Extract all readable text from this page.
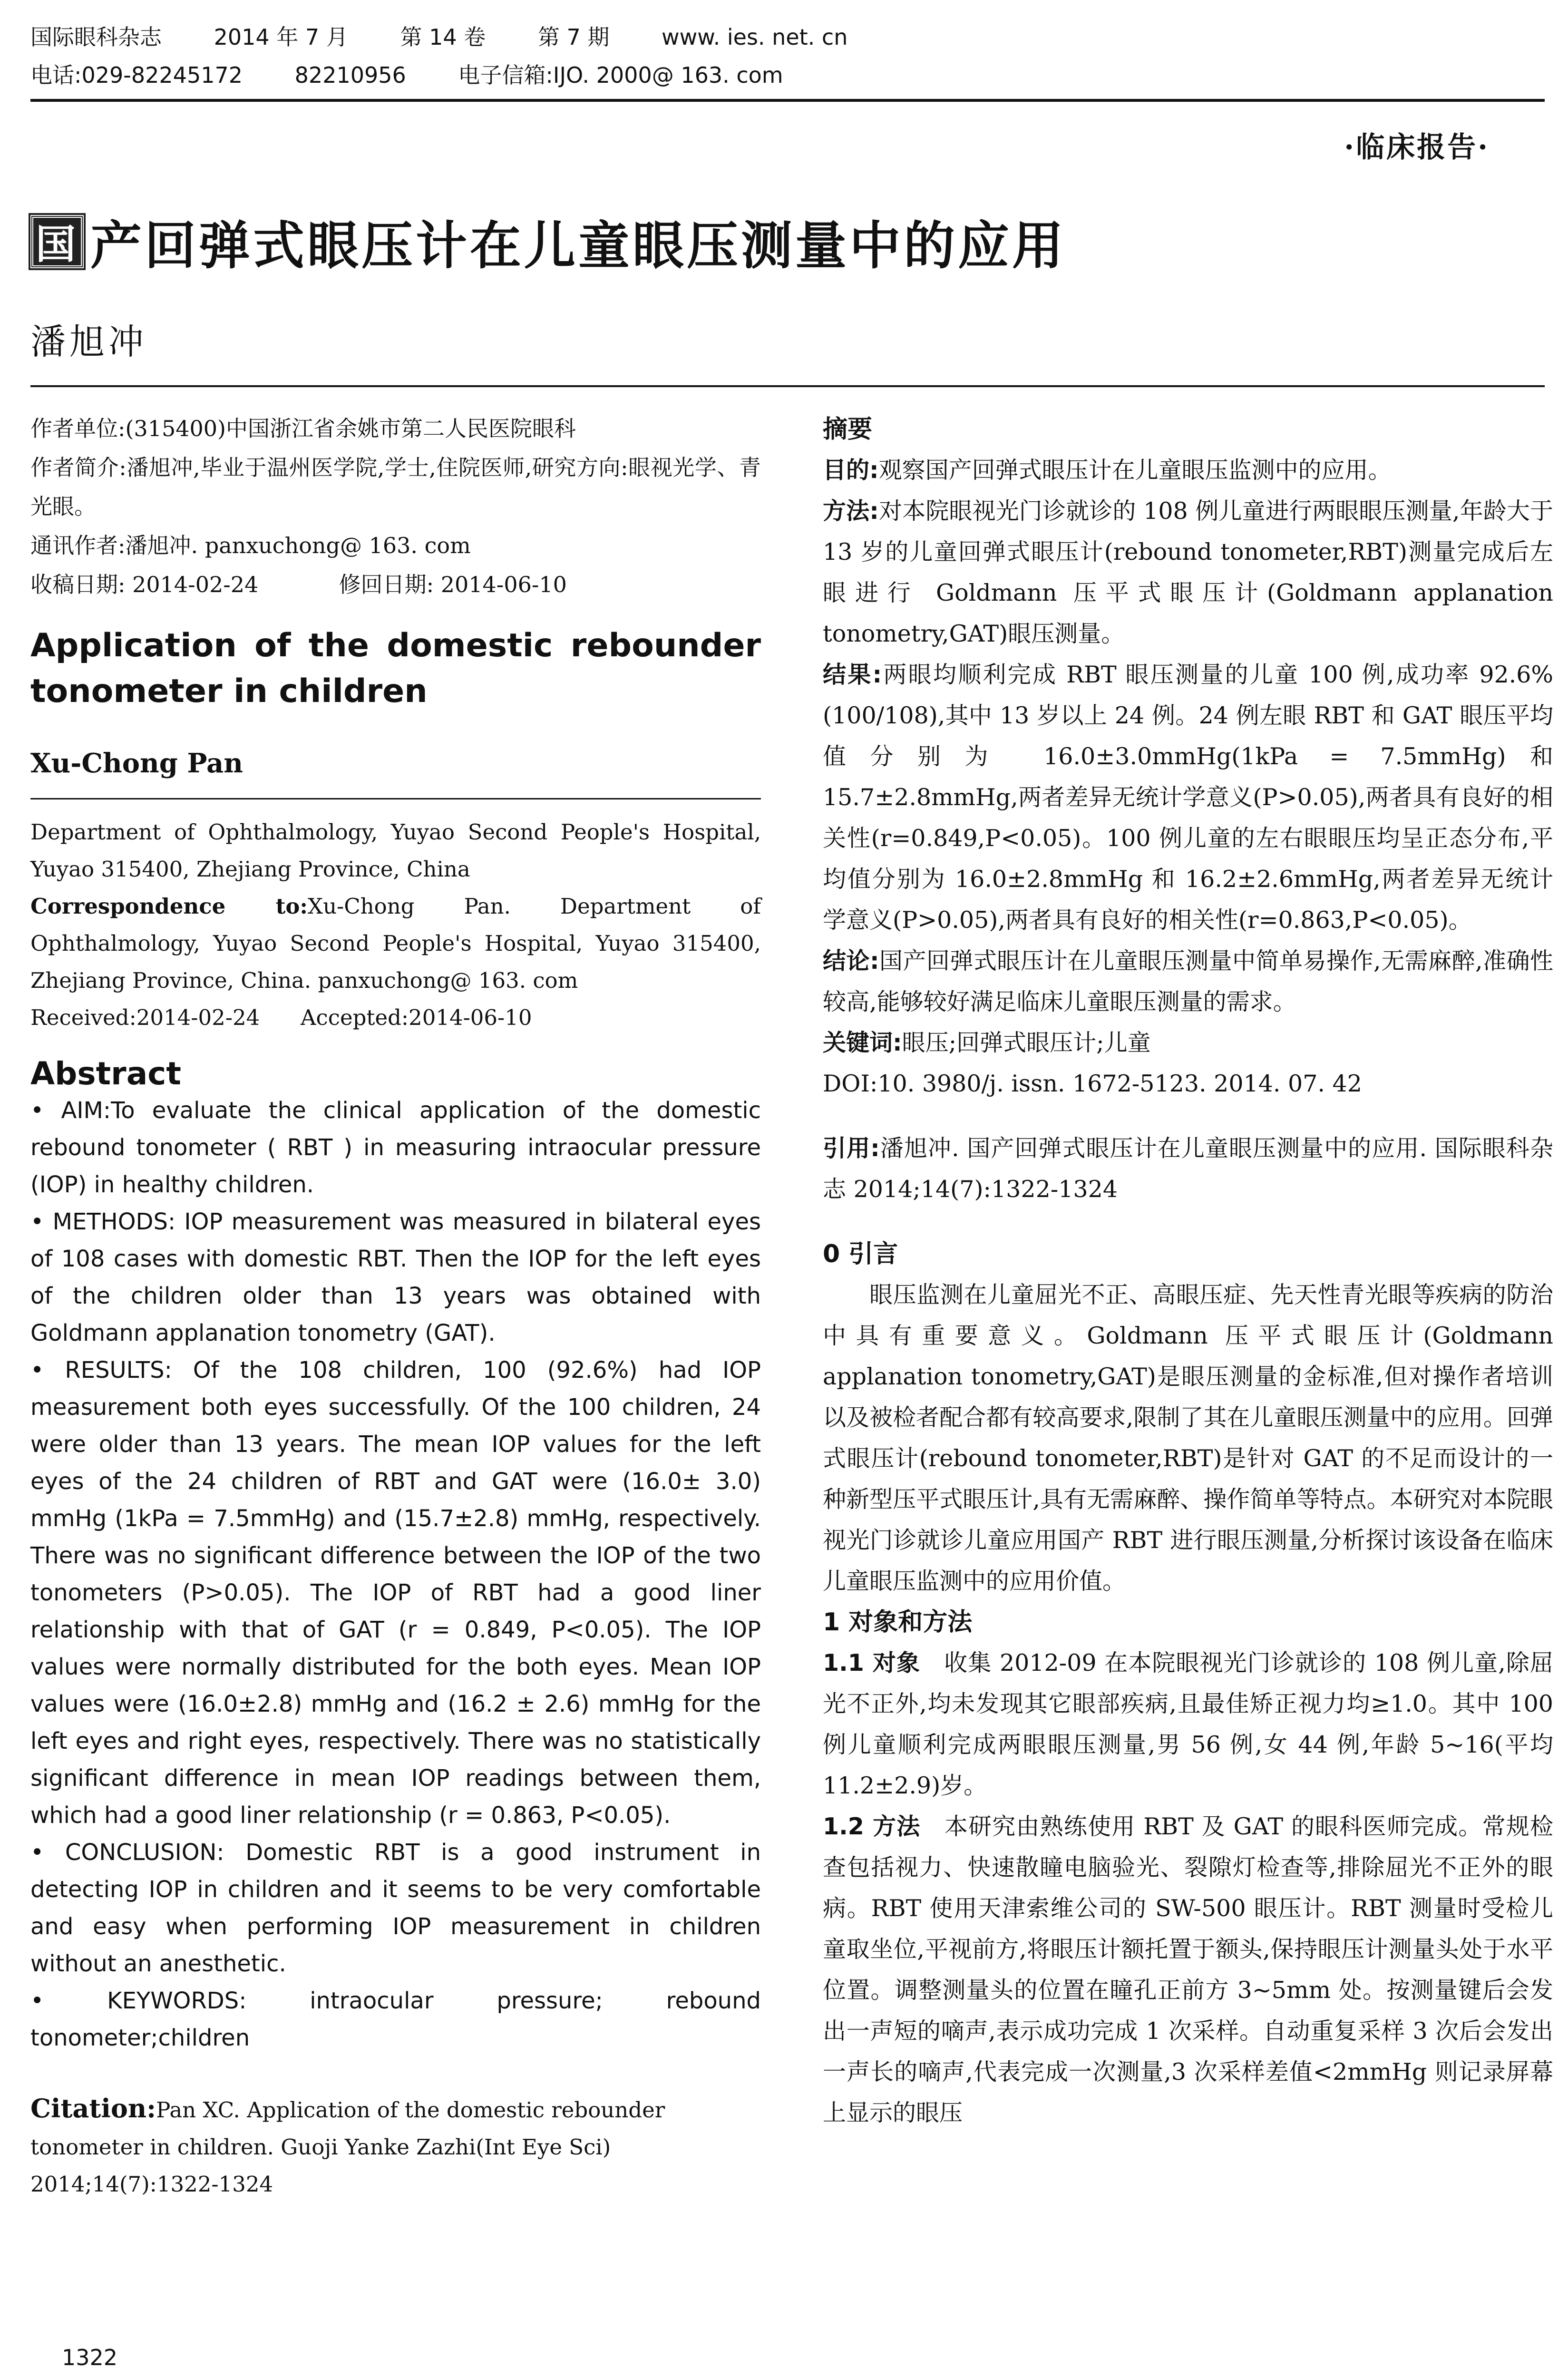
国际眼科杂志 2014 年 7 月 第 14 卷 第 7 期 www. ies. net. cn
电话:029-82245172 82210956 电子信箱:IJO. 2000@ 163. com
·临床报告·
国 产回弹式眼压计在儿童眼压测量中的应用
潘旭冲
作者单位:(315400)中国浙江省余姚市第二人民医院眼科
作者简介:潘旭冲,毕业于温州医学院,学士,住院医师,研究方向:眼视光学、青光眼。
通讯作者:潘旭冲. panxuchong@ 163. com
收稿日期: 2014-02-24	修回日期: 2014-06-10
Application of the domestic rebounder tonometer in children
Xu-Chong Pan
Department of Ophthalmology, Yuyao Second People's Hospital, Yuyao 315400, Zhejiang Province, China
Correspondence to:Xu-Chong Pan. Department of Ophthalmology, Yuyao Second People's Hospital, Yuyao 315400, Zhejiang Province, China. panxuchong@ 163. com
Received:2014-02-24      Accepted:2014-06-10
Abstract

• AIM:To evaluate the clinical application of the domestic rebound tonometer ( RBT ) in measuring intraocular pressure (IOP) in healthy children.

• METHODS: IOP measurement was measured in bilateral eyes of 108 cases with domestic RBT. Then the IOP for the left eyes of the children older than 13 years was obtained with Goldmann applanation tonometry (GAT).

• RESULTS: Of the 108 children, 100 (92.6%) had IOP measurement both eyes successfully. Of the 100 children, 24 were older than 13 years. The mean IOP values for the left eyes of the 24 children of RBT and GAT were (16.0± 3.0) mmHg (1kPa = 7.5mmHg) and (15.7±2.8) mmHg, respectively. There was no significant difference between the IOP of the two tonometers (P>0.05). The IOP of RBT had a good liner relationship with that of GAT (r = 0.849, P<0.05). The IOP values were normally distributed for the both eyes. Mean IOP values were (16.0±2.8) mmHg and (16.2 ± 2.6) mmHg for the left eyes and right eyes, respectively. There was no statistically significant difference in mean IOP readings between them, which had a good liner relationship (r = 0.863, P<0.05).

• CONCLUSION: Domestic RBT is a good instrument in detecting IOP in children and it seems to be very comfortable and easy when performing IOP measurement in children without an anesthetic.

• KEYWORDS: intraocular pressure; rebound tonometer;children

Citation:Pan XC. Application of the domestic rebounder tonometer in children. Guoji Yanke Zazhi(Int Eye Sci) 2014;14(7):1322-1324
摘要

目的:观察国产回弹式眼压计在儿童眼压监测中的应用。

方法:对本院眼视光门诊就诊的 108 例儿童进行两眼眼压测量,年龄大于 13 岁的儿童回弹式眼压计(rebound tonometer,RBT)测量完成后左眼进行 Goldmann 压平式眼压计(Goldmann applanation tonometry,GAT)眼压测量。

结果:两眼均顺利完成 RBT 眼压测量的儿童 100 例,成功率 92.6%(100/108),其中 13 岁以上 24 例。24 例左眼 RBT 和 GAT 眼压平均值分别为 16.0±3.0mmHg(1kPa = 7.5mmHg)和 15.7±2.8mmHg,两者差异无统计学意义(P>0.05),两者具有良好的相关性(r=0.849,P<0.05)。100 例儿童的左右眼眼压均呈正态分布,平均值分别为 16.0±2.8mmHg 和 16.2±2.6mmHg,两者差异无统计学意义(P>0.05),两者具有良好的相关性(r=0.863,P<0.05)。

结论:国产回弹式眼压计在儿童眼压测量中简单易操作,无需麻醉,准确性较高,能够较好满足临床儿童眼压测量的需求。

关键词:眼压;回弹式眼压计;儿童

DOI:10. 3980/j. issn. 1672-5123. 2014. 07. 42

引用:潘旭冲. 国产回弹式眼压计在儿童眼压测量中的应用. 国际眼科杂志 2014;14(7):1322-1324

0 引言

眼压监测在儿童屈光不正、高眼压症、先天性青光眼等疾病的防治中具有重要意义。Goldmann 压平式眼压计(Goldmann applanation tonometry,GAT)是眼压测量的金标准,但对操作者培训以及被检者配合都有较高要求,限制了其在儿童眼压测量中的应用。回弹式眼压计(rebound tonometer,RBT)是针对 GAT 的不足而设计的一种新型压平式眼压计,具有无需麻醉、操作简单等特点。本研究对本院眼视光门诊就诊儿童应用国产 RBT 进行眼压测量,分析探讨该设备在临床儿童眼压监测中的应用价值。

1 对象和方法

1.1 对象 收集 2012-09 在本院眼视光门诊就诊的 108 例儿童,除屈光不正外,均未发现其它眼部疾病,且最佳矫正视力均≥1.0。其中 100 例儿童顺利完成两眼眼压测量,男 56 例,女 44 例,年龄 5~16(平均 11.2±2.9)岁。

1.2 方法 本研究由熟练使用 RBT 及 GAT 的眼科医师完成。常规检查包括视力、快速散瞳电脑验光、裂隙灯检查等,排除屈光不正外的眼病。RBT 使用天津索维公司的 SW-500 眼压计。RBT 测量时受检儿童取坐位,平视前方,将眼压计额托置于额头,保持眼压计测量头处于水平位置。调整测量头的位置在瞳孔正前方 3~5mm 处。按测量键后会发出一声短的嘀声,表示成功完成 1 次采样。自动重复采样 3 次后会发出一声长的嘀声,代表完成一次测量,3 次采样差值<2mmHg 则记录屏幕上显示的眼压

1322
